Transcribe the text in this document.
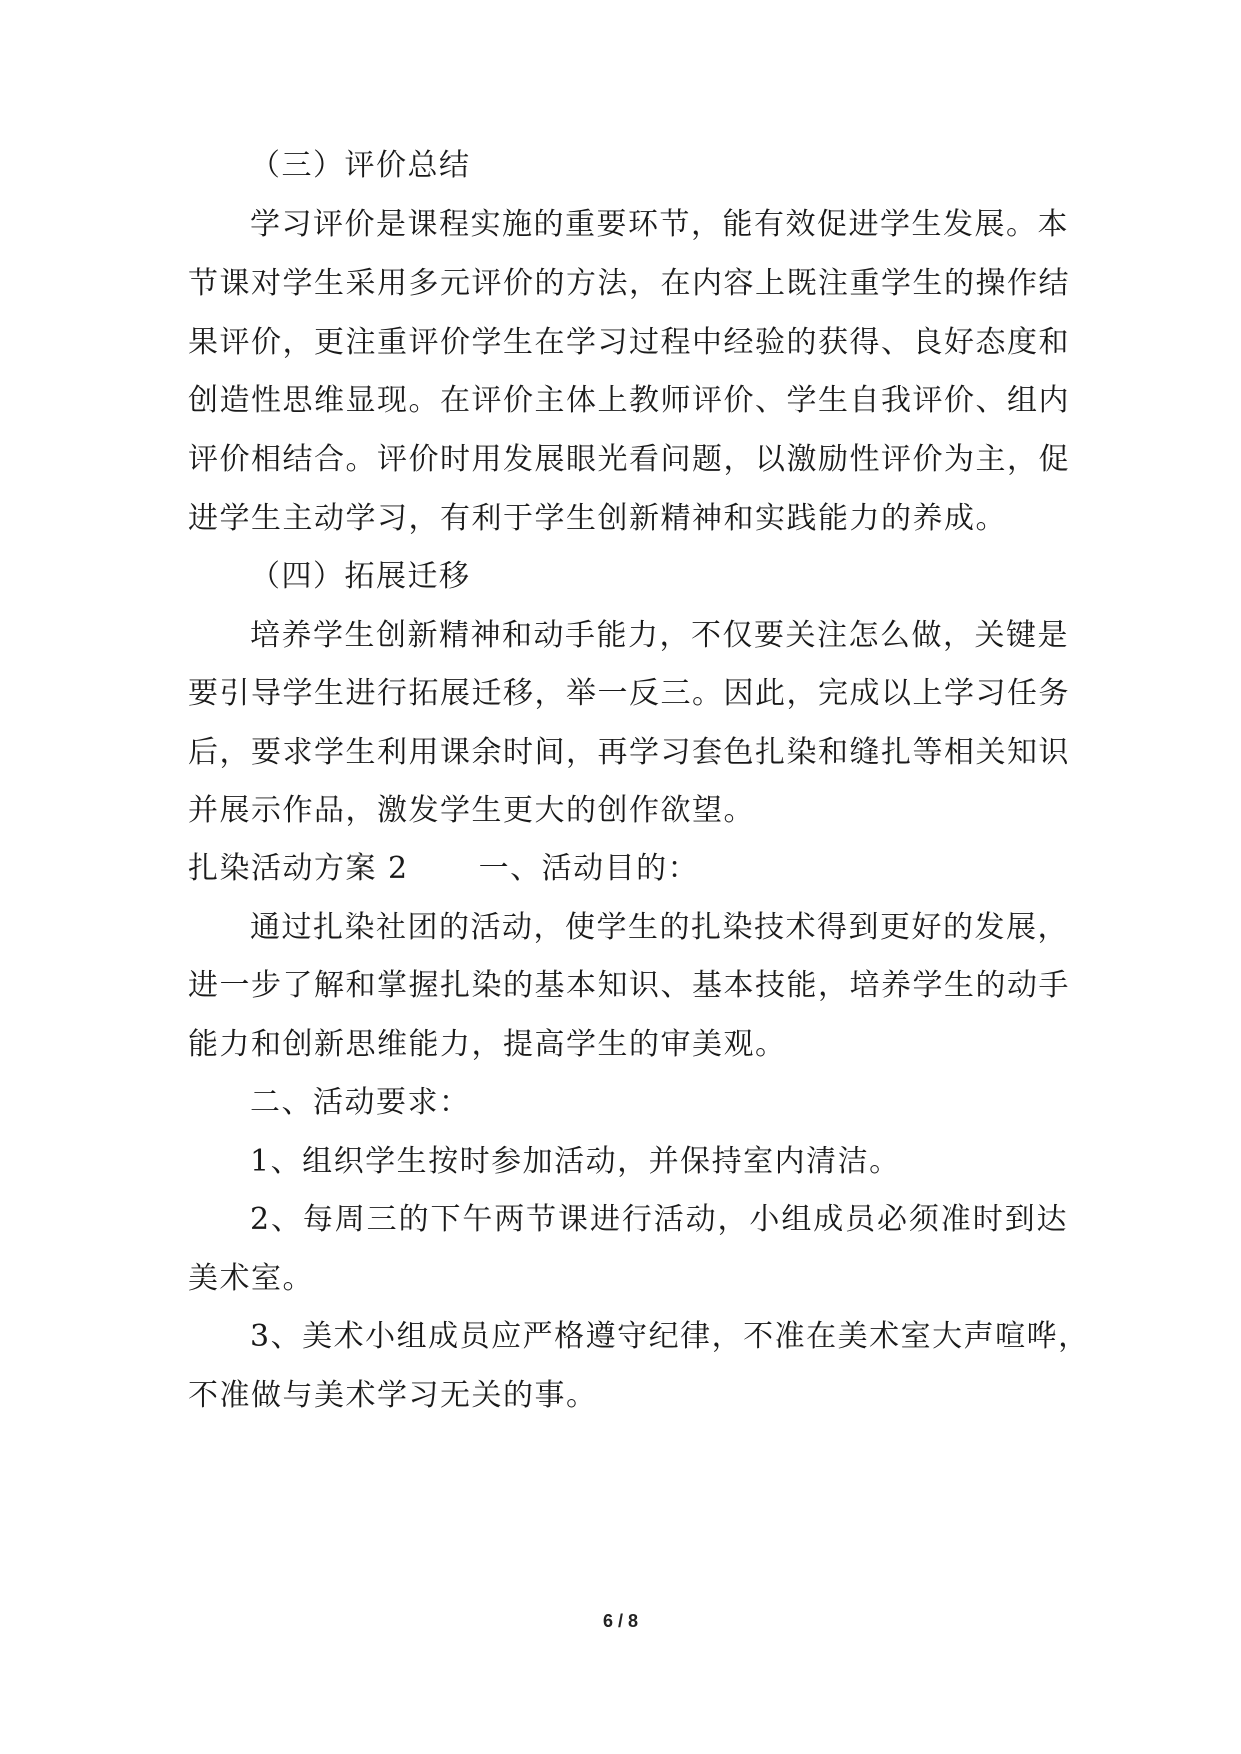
（三）评价总结
学习评价是课程实施的重要环节，能有效促进学生发展。本
节课对学生采用多元评价的方法，在内容上既注重学生的操作结
果评价，更注重评价学生在学习过程中经验的获得、良好态度和
创造性思维显现。在评价主体上教师评价、学生自我评价、组内
评价相结合。评价时用发展眼光看问题，以激励性评价为主，促
进学生主动学习，有利于学生创新精神和实践能力的养成。
（四）拓展迁移
培养学生创新精神和动手能力，不仅要关注怎么做，关键是
要引导学生进行拓展迁移，举一反三。因此，完成以上学习任务
后，要求学生利用课余时间，再学习套色扎染和缝扎等相关知识
并展示作品，激发学生更大的创作欲望。
扎染活动方案 2 一、活动目的：
通过扎染社团的活动，使学生的扎染技术得到更好的发展，
进一步了解和掌握扎染的基本知识、基本技能，培养学生的动手
能力和创新思维能力，提高学生的审美观。
二、活动要求：
1、组织学生按时参加活动，并保持室内清洁。
2、每周三的下午两节课进行活动，小组成员必须准时到达
美术室。
3、美术小组成员应严格遵守纪律，不准在美术室大声喧哗，
不准做与美术学习无关的事。
6 / 8
